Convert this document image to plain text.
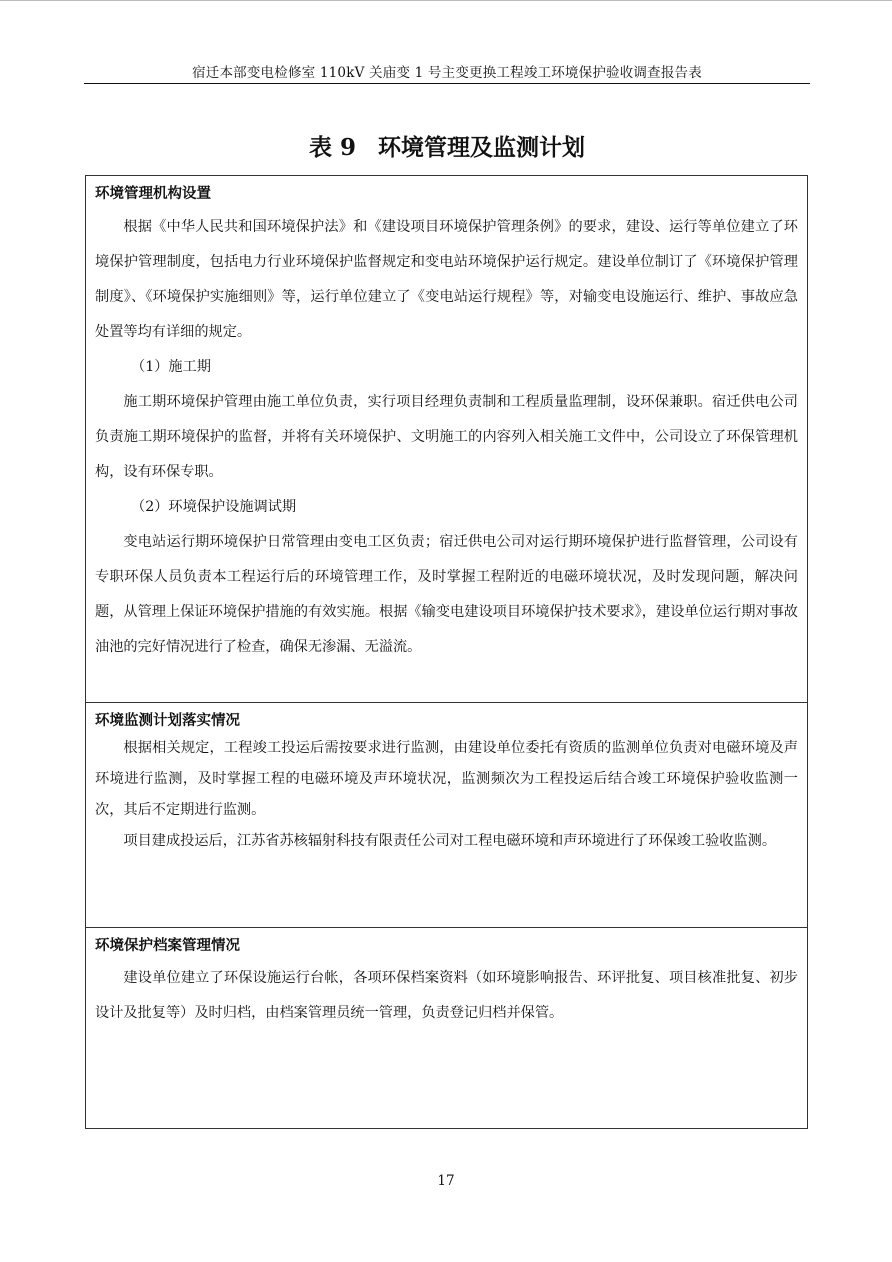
宿迁本部变电检修室 110kV 关庙变 1 号主变更换工程竣工环境保护验收调查报告表
表 9 环境管理及监测计划
环境管理机构设置

根据《中华人民共和国环境保护法》和《建设项目环境保护管理条例》的要求，建设、运行等单位建立了环境保护管理制度，包括电力行业环境保护监督规定和变电站环境保护运行规定。建设单位制订了《环境保护管理制度》、《环境保护实施细则》等，运行单位建立了《变电站运行规程》等，对输变电设施运行、维护、事故应急处置等均有详细的规定。

（1）施工期

施工期环境保护管理由施工单位负责，实行项目经理负责制和工程质量监理制，设环保兼职。宿迁供电公司负责施工期环境保护的监督，并将有关环境保护、文明施工的内容列入相关施工文件中，公司设立了环保管理机构，设有环保专职。

（2）环境保护设施调试期

变电站运行期环境保护日常管理由变电工区负责；宿迁供电公司对运行期环境保护进行监督管理，公司设有专职环保人员负责本工程运行后的环境管理工作，及时掌握工程附近的电磁环境状况，及时发现问题，解决问题，从管理上保证环境保护措施的有效实施。根据《输变电建设项目环境保护技术要求》，建设单位运行期对事故油池的完好情况进行了检查，确保无渗漏、无溢流。

环境监测计划落实情况

根据相关规定，工程竣工投运后需按要求进行监测，由建设单位委托有资质的监测单位负责对电磁环境及声环境进行监测，及时掌握工程的电磁环境及声环境状况，监测频次为工程投运后结合竣工环境保护验收监测一次，其后不定期进行监测。

项目建成投运后，江苏省苏核辐射科技有限责任公司对工程电磁环境和声环境进行了环保竣工验收监测。

环境保护档案管理情况

建设单位建立了环保设施运行台帐，各项环保档案资料（如环境影响报告、环评批复、项目核准批复、初步设计及批复等）及时归档，由档案管理员统一管理，负责登记归档并保管。

17
